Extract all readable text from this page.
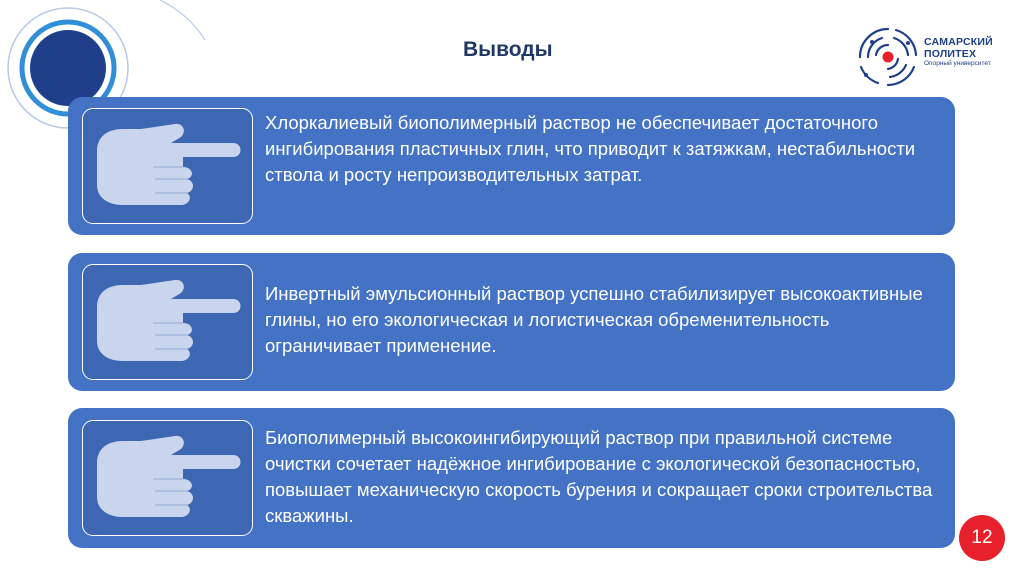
Выводы	САМАРСКИЙ
ПОЛИТЕХ
Опорный университет
Хлоркалиевый биополимерный раствор не обеспечивает достаточного ингибирования пластичных глин, что приводит к затяжкам, нестабильности ствола и росту непроизводительных затрат.
Инвертный эмульсионный раствор успешно стабилизирует высокоактивные глины, но его экологическая и логистическая обременительность ограничивает применение.
Биополимерный высокоингибирующий раствор при правильной системе очистки сочетает надёжное ингибирование с экологической безопасностью, повышает механическую скорость бурения и сокращает сроки строительства скважины.
12
